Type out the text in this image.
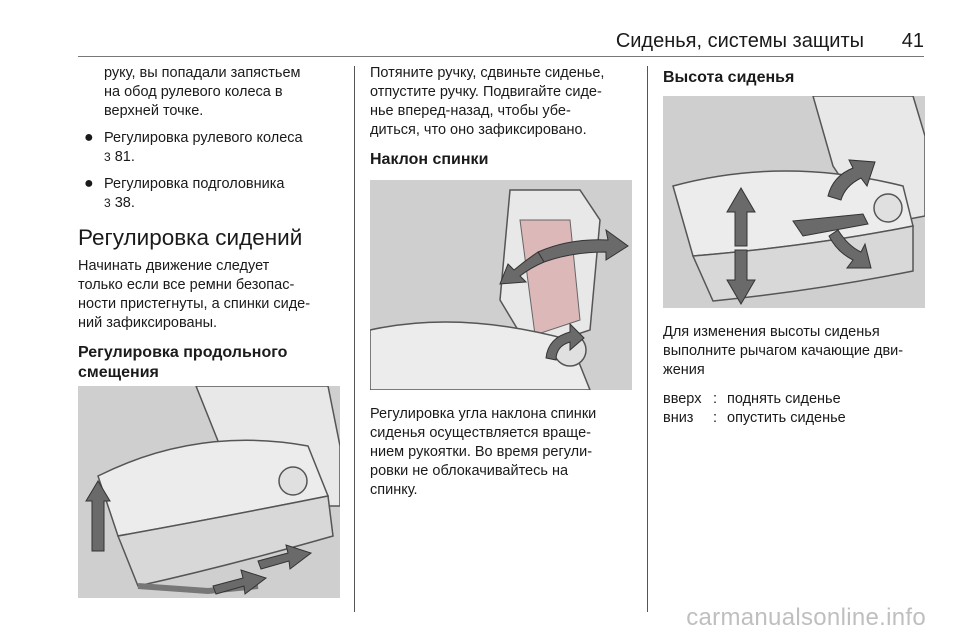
Сиденья, системы защиты 41

руку, вы попадали запястьем

на обод рулевого колеса в

верхней точке.

● Регулировка рулевого колеса

3 81.

● Регулировка подголовника

3 38.

Регулировка сидений

Начинать движение следует

только если все ремни безопас-

ности пристегнуты, а спинки сиде-

ний зафиксированы.

Регулировка продольного
смещения

Потяните ручку, сдвиньте сиденье,

отпустите ручку. Подвигайте сиде-

нье вперед-назад, чтобы убе-

диться, что оно зафиксировано.

Наклон спинки

Регулировка угла наклона спинки

сиденья осуществляется враще-

нием рукоятки. Во время регули-

ровки не облокачивайтесь на

спинку.

Высота сиденья

Для изменения высоты сиденья

выполните рычагом качающие дви-

жения

вверх : поднять сиденье
вниз	: опустить сиденье
carmanualsonline.info
